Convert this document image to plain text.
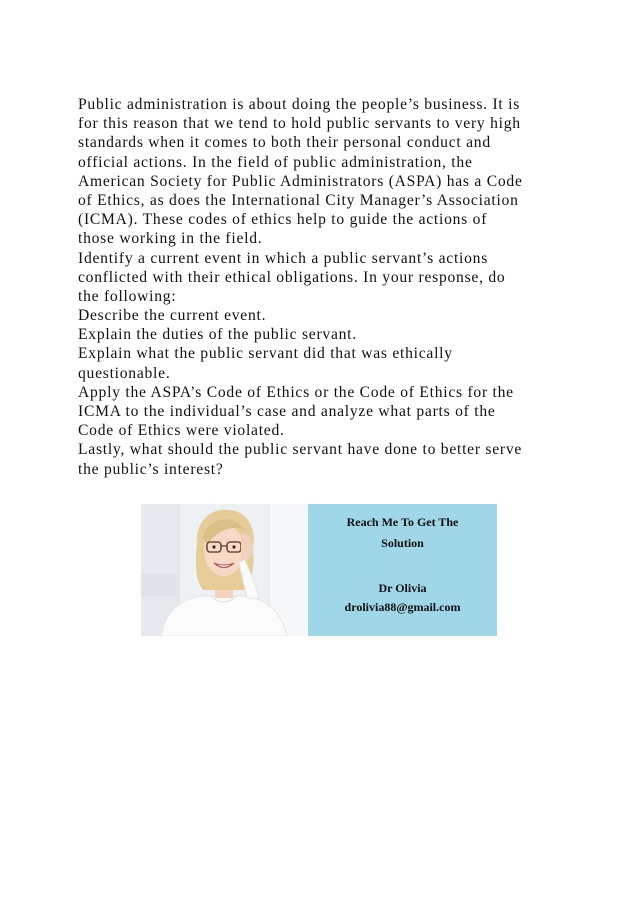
Public administration is about doing the people’s business. It is
for this reason that we tend to hold public servants to very high
standards when it comes to both their personal conduct and
official actions. In the field of public administration, the
American Society for Public Administrators (ASPA) has a Code
of Ethics, as does the International City Manager’s Association
(ICMA). These codes of ethics help to guide the actions of
those working in the field.
Identify a current event in which a public servant’s actions
conflicted with their ethical obligations. In your response, do
the following:
Describe the current event.
Explain the duties of the public servant.
Explain what the public servant did that was ethically
questionable.
Apply the ASPA’s Code of Ethics or the Code of Ethics for the
ICMA to the individual’s case and analyze what parts of the
Code of Ethics were violated.
Lastly, what should the public servant have done to better serve
the public’s interest?
Reach Me To Get The
Solution
Dr Olivia
drolivia88@gmail.com
